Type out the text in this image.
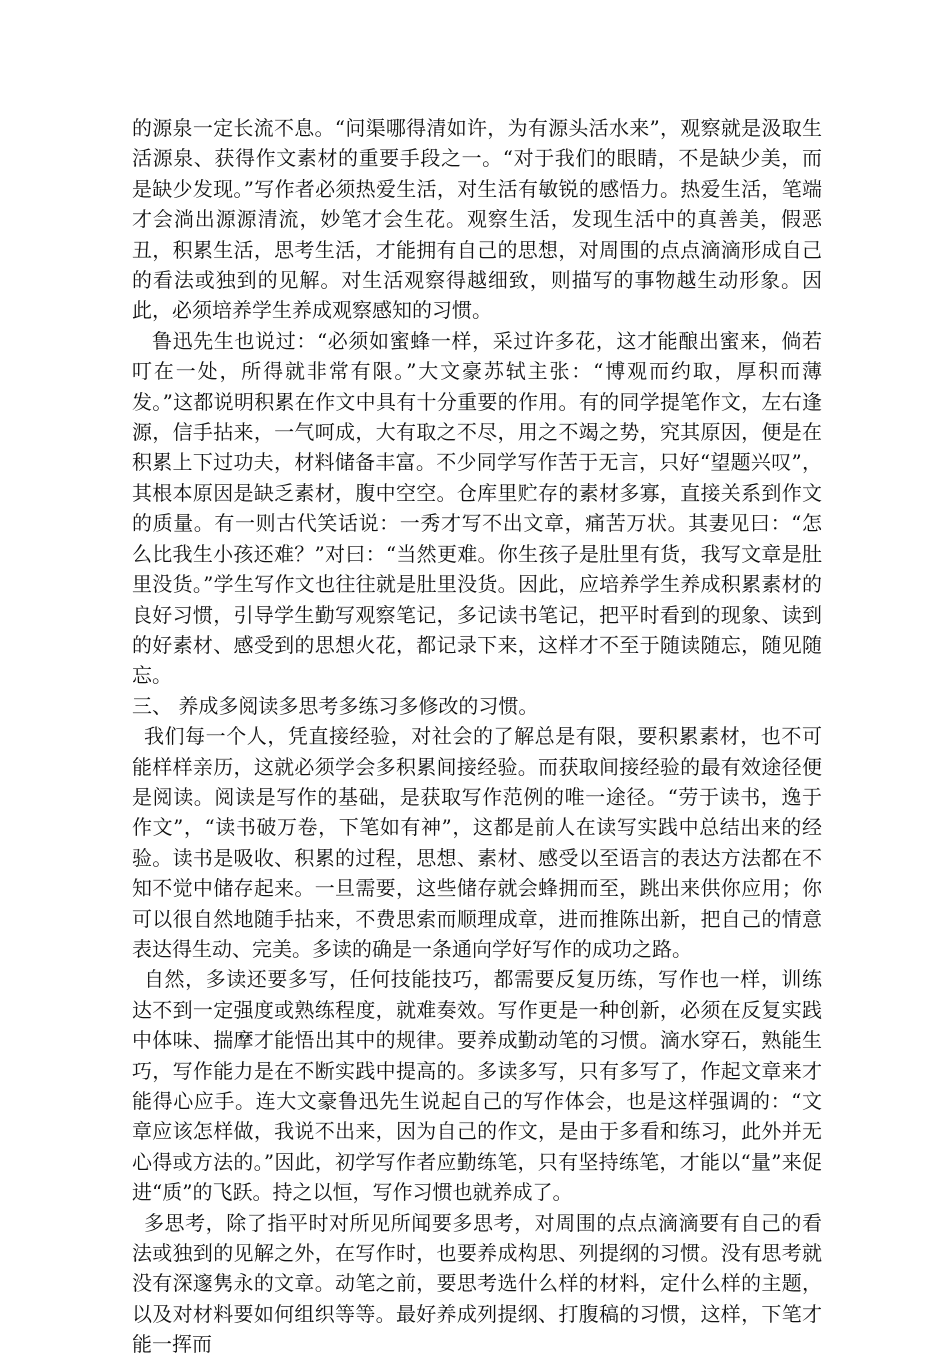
的源泉一定长流不息。“问渠哪得清如许，为有源头活水来”，观察就是汲取生活源泉、获得作文素材的重要手段之一。“对于我们的眼睛，不是缺少美，而是缺少发现。”写作者必须热爱生活，对生活有敏锐的感悟力。热爱生活，笔端才会淌出源源清流，妙笔才会生花。观察生活，发现生活中的真善美，假恶丑，积累生活，思考生活，才能拥有自己的思想，对周围的点点滴滴形成自己的看法或独到的见解。对生活观察得越细致，则描写的事物越生动形象。因此，必须培养学生养成观察感知的习惯。

鲁迅先生也说过：“必须如蜜蜂一样，采过许多花，这才能酿出蜜来，倘若叮在一处，所得就非常有限。”大文豪苏轼主张：“博观而约取，厚积而薄发。”这都说明积累在作文中具有十分重要的作用。有的同学提笔作文，左右逢源，信手拈来，一气呵成，大有取之不尽，用之不竭之势，究其原因，便是在积累上下过功夫，材料储备丰富。不少同学写作苦于无言，只好“望题兴叹”，其根本原因是缺乏素材，腹中空空。仓库里贮存的素材多寡，直接关系到作文的质量。有一则古代笑话说：一秀才写不出文章，痛苦万状。其妻见曰：“怎么比我生小孩还难？”对曰：“当然更难。你生孩子是肚里有货，我写文章是肚里没货。”学生写作文也往往就是肚里没货。因此，应培养学生养成积累素材的良好习惯，引导学生勤写观察笔记，多记读书笔记，把平时看到的现象、读到的好素材、感受到的思想火花，都记录下来，这样才不至于随读随忘，随见随忘。

三、 养成多阅读多思考多练习多修改的习惯。

我们每一个人，凭直接经验，对社会的了解总是有限，要积累素材，也不可能样样亲历，这就必须学会多积累间接经验。而获取间接经验的最有效途径便是阅读。阅读是写作的基础，是获取写作范例的唯一途径。“劳于读书，逸于作文”，“读书破万卷，下笔如有神”，这都是前人在读写实践中总结出来的经验。读书是吸收、积累的过程，思想、素材、感受以至语言的表达方法都在不知不觉中储存起来。一旦需要，这些储存就会蜂拥而至，跳出来供你应用；你可以很自然地随手拈来，不费思索而顺理成章，进而推陈出新，把自己的情意表达得生动、完美。多读的确是一条通向学好写作的成功之路。

自然，多读还要多写，任何技能技巧，都需要反复历练，写作也一样，训练达不到一定强度或熟练程度，就难奏效。写作更是一种创新，必须在反复实践中体味、揣摩才能悟出其中的规律。要养成勤动笔的习惯。滴水穿石，熟能生巧，写作能力是在不断实践中提高的。多读多写，只有多写了，作起文章来才能得心应手。连大文豪鲁迅先生说起自己的写作体会，也是这样强调的：“文章应该怎样做，我说不出来，因为自己的作文，是由于多看和练习，此外并无心得或方法的。”因此，初学写作者应勤练笔，只有坚持练笔，才能以“量”来促进“质”的飞跃。持之以恒，写作习惯也就养成了。

多思考，除了指平时对所见所闻要多思考，对周围的点点滴滴要有自己的看法或独到的见解之外，在写作时，也要养成构思、列提纲的习惯。没有思考就没有深邃隽永的文章。动笔之前，要思考选什么样的材料，定什么样的主题，以及对材料要如何组织等等。最好养成列提纲、打腹稿的习惯，这样，下笔才能一挥而
